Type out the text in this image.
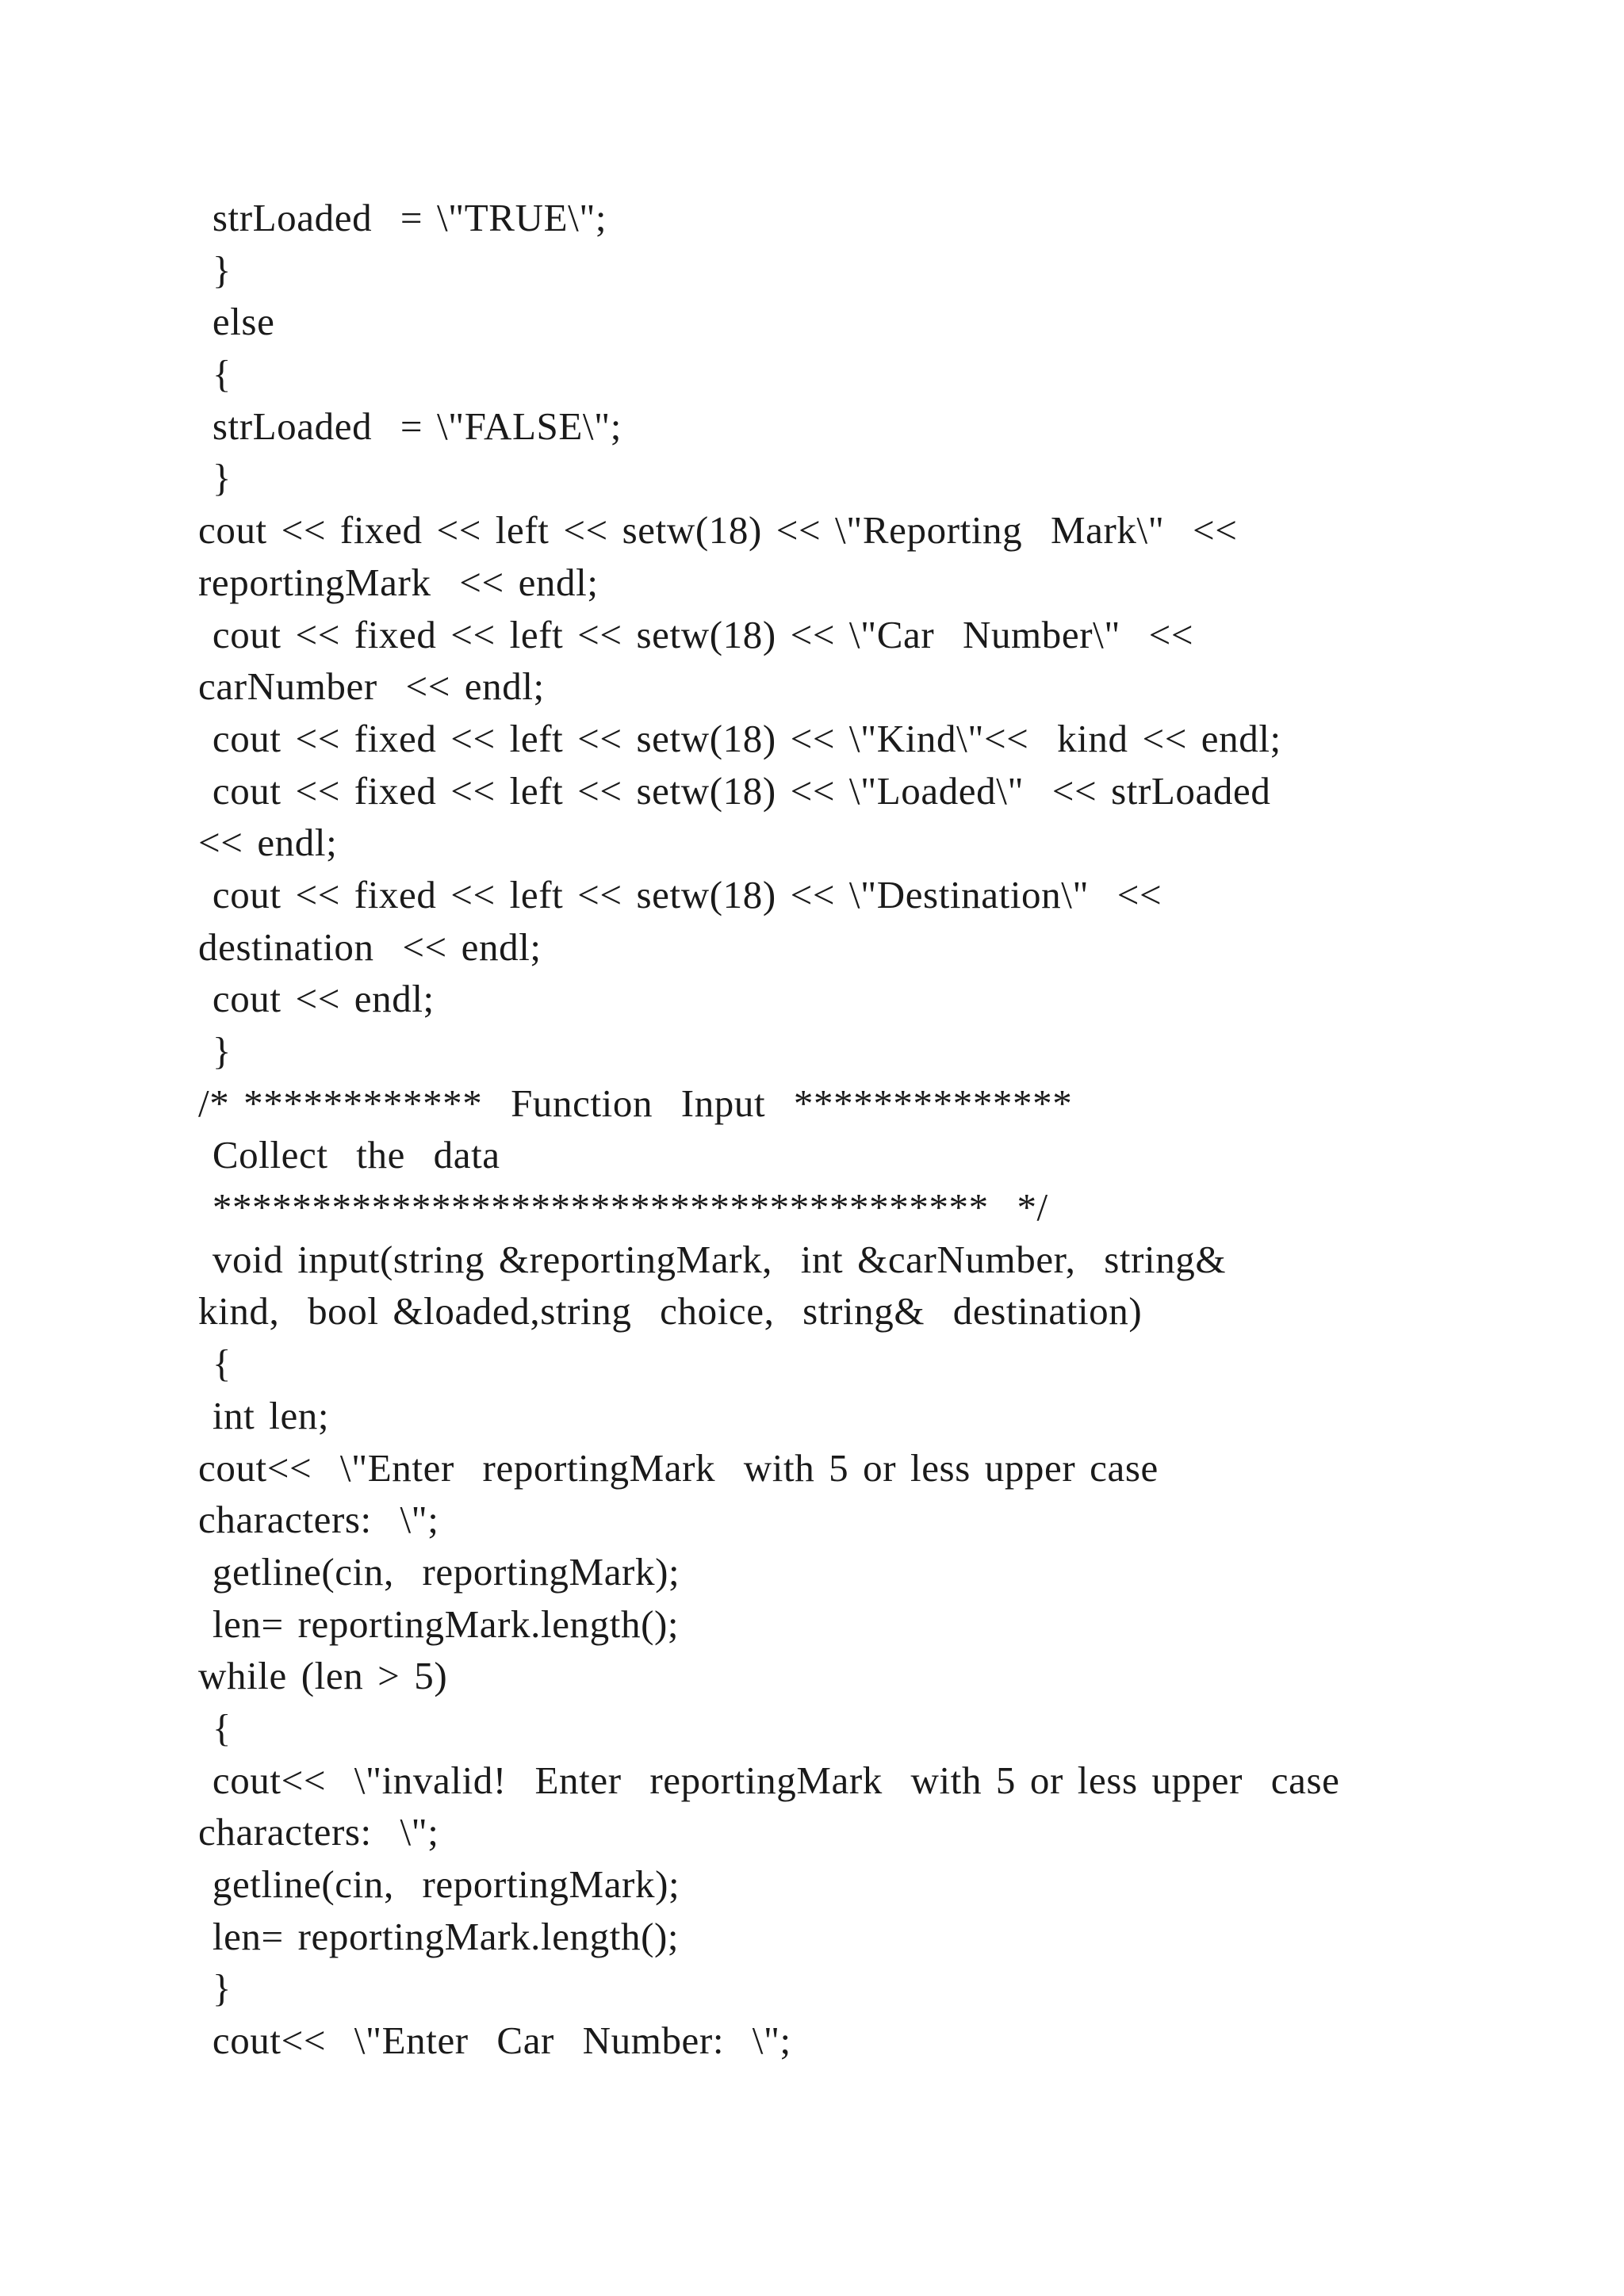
strLoaded  = \"TRUE\";
}
else
{
strLoaded  = \"FALSE\";
}
cout << fixed << left << setw(18) << \"Reporting  Mark\"  <<
reportingMark  << endl;
cout << fixed << left << setw(18) << \"Car  Number\"  <<
carNumber  << endl;
cout << fixed << left << setw(18) << \"Kind\"<<  kind << endl;
cout << fixed << left << setw(18) << \"Loaded\"  << strLoaded
<< endl;
cout << fixed << left << setw(18) << \"Destination\"  <<
destination  << endl;
cout << endl;
}
/* ************  Function  Input  **************
Collect  the  data
***************************************  */
void input(string &reportingMark,  int &carNumber,  string&
kind,  bool &loaded,string  choice,  string&  destination)
{
int len;
cout<<  \"Enter  reportingMark  with 5 or less upper case
characters:  \";
getline(cin,  reportingMark);
len= reportingMark.length();
while (len > 5)
{
cout<<  \"invalid!  Enter  reportingMark  with 5 or less upper  case
characters:  \";
getline(cin,  reportingMark);
len= reportingMark.length();
}
cout<<  \"Enter  Car  Number:  \";
